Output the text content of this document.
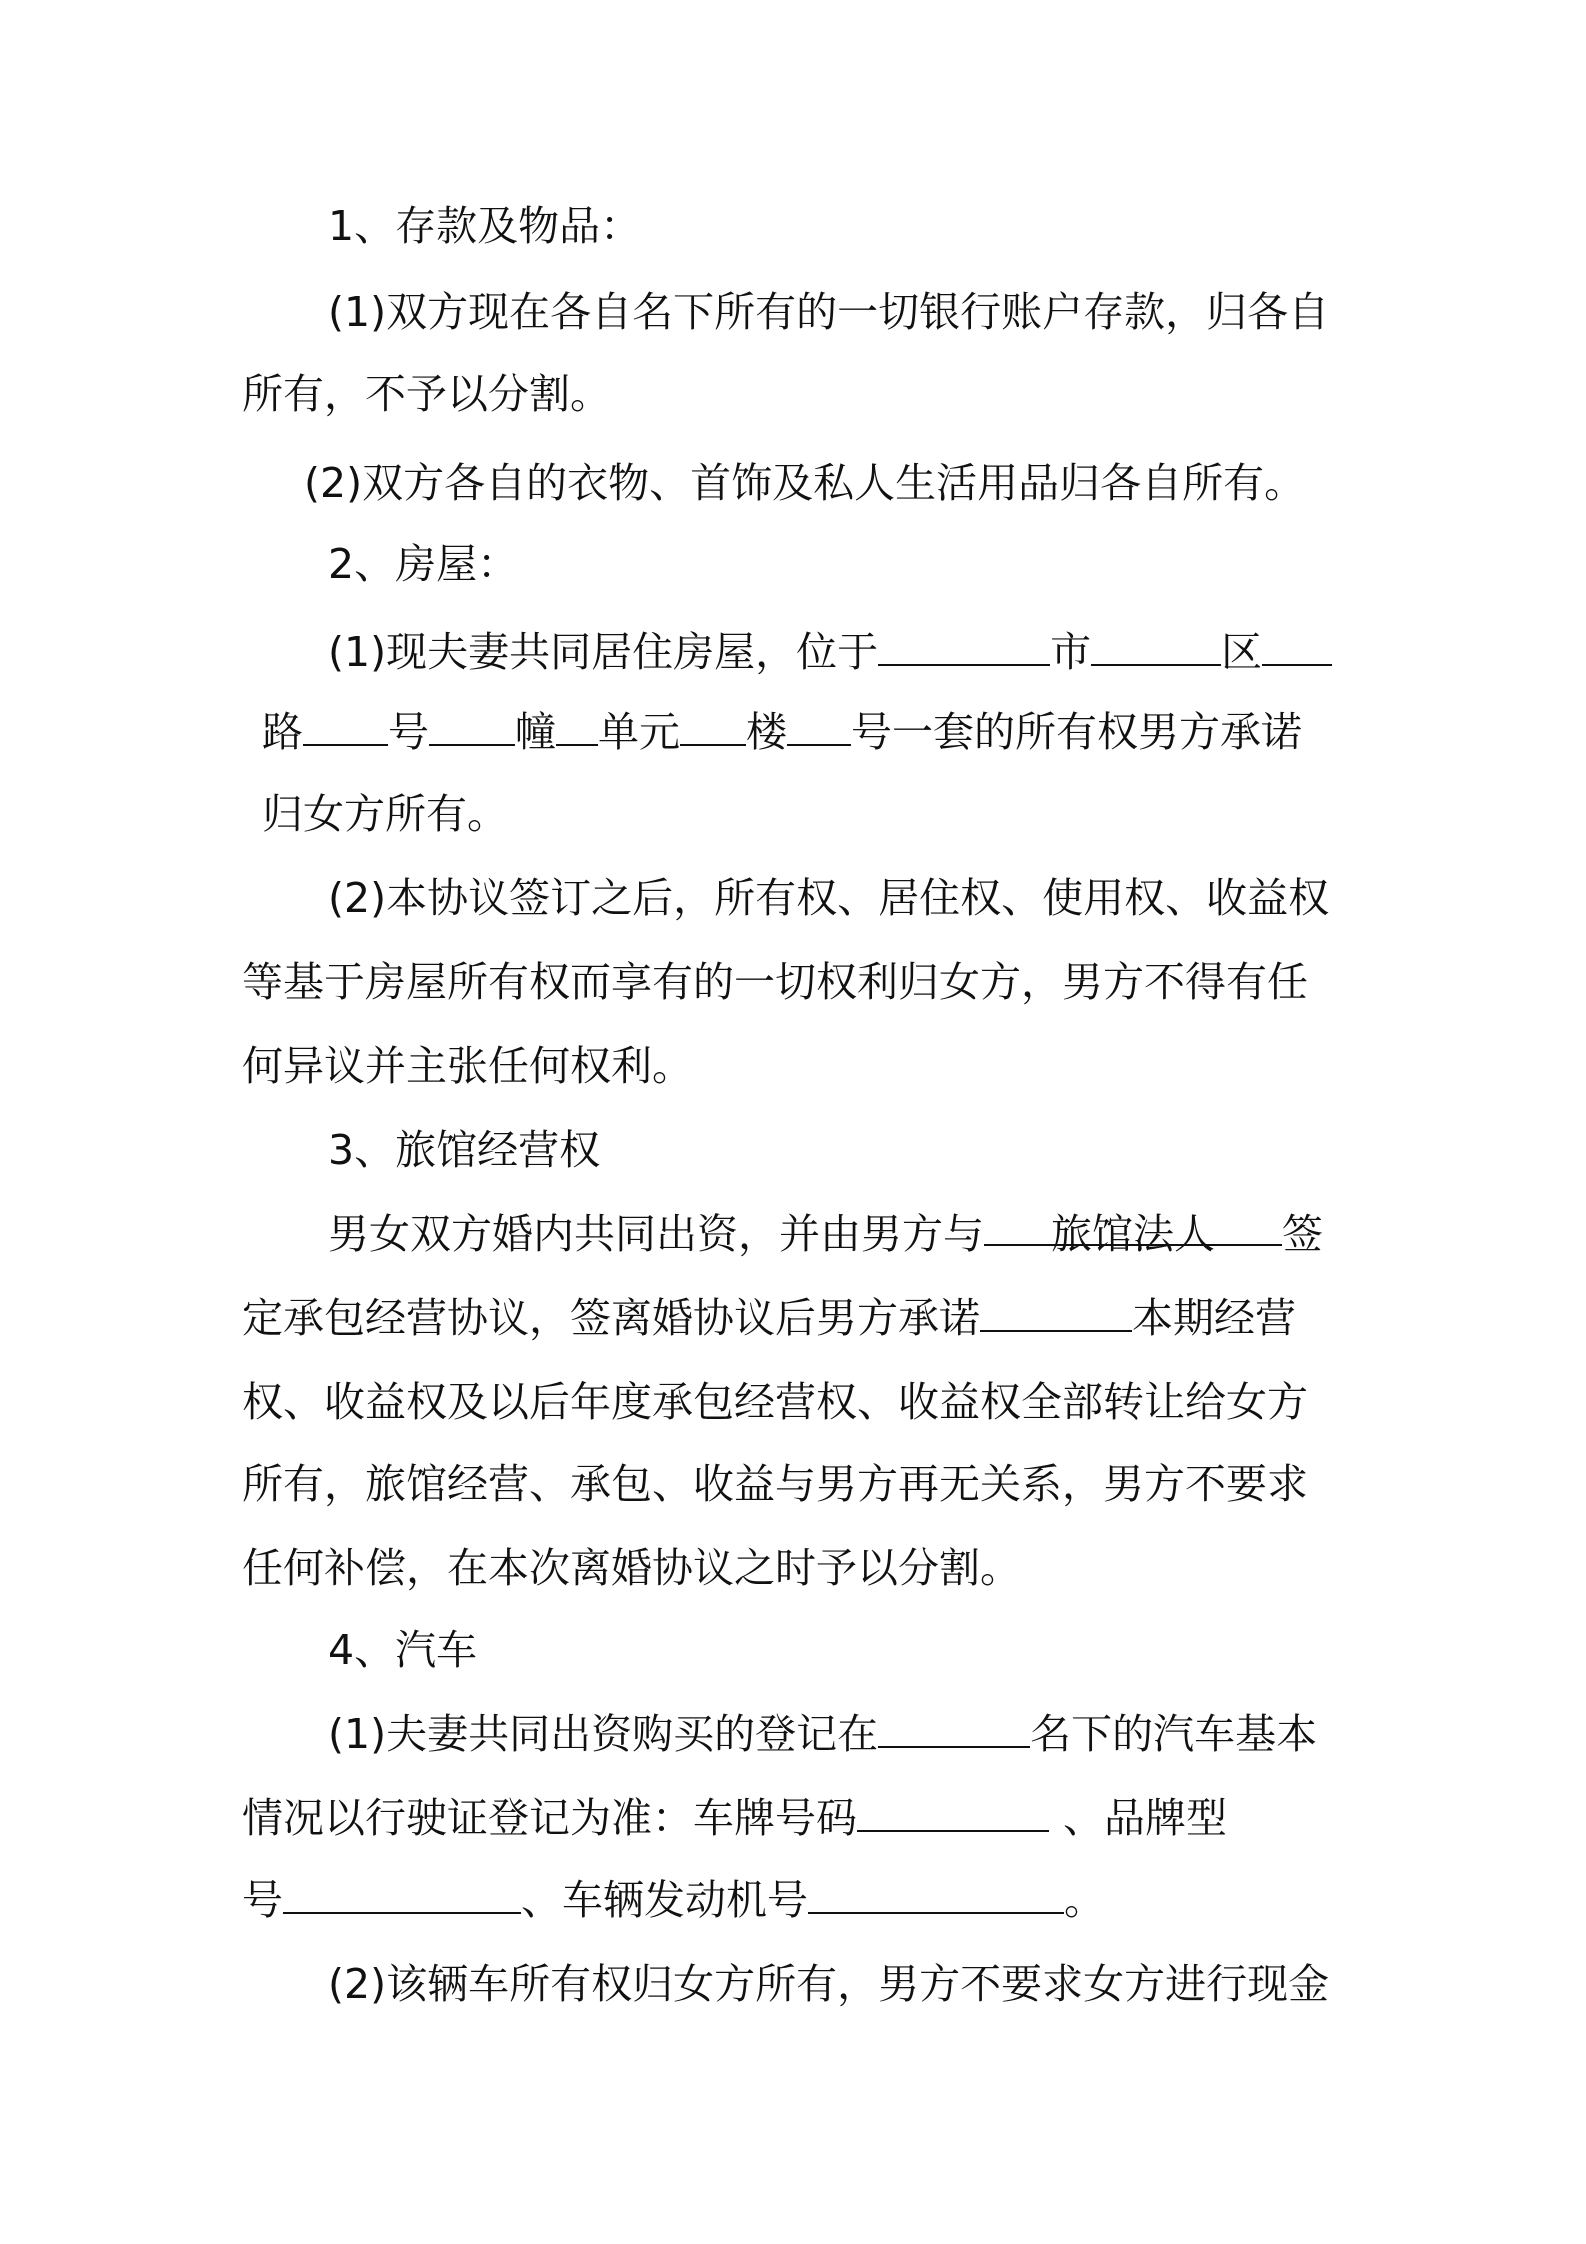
1、存款及物品：
(1)双方现在各自名下所有的一切银行账户存款，归各自
所有，不予以分割。
(2)双方各自的衣物、首饰及私人生活用品归各自所有。
2、房屋：
(1)现夫妻共同居住房屋，位于	市	区
路 号 幢 单元 楼 号一套的所有权男方承诺
归女方所有。
(2)本协议签订之后，所有权、居住权、使用权、收益权
等基于房屋所有权而享有的一切权利归女方，男方不得有任
何异议并主张任何权利。
3、旅馆经营权
男女双方婚内共同出资，并由男方与 旅馆法人 签
定承包经营协议，签离婚协议后男方承诺	本期经营
权、收益权及以后年度承包经营权、收益权全部转让给女方
所有，旅馆经营、承包、收益与男方再无关系，男方不要求
任何补偿，在本次离婚协议之时予以分割。
4、汽车
(1)夫妻共同出资购买的登记在	名下的汽车基本
情况以行驶证登记为准：车牌号码	、品牌型
号	、车辆发动机号	。
(2)该辆车所有权归女方所有，男方不要求女方进行现金
